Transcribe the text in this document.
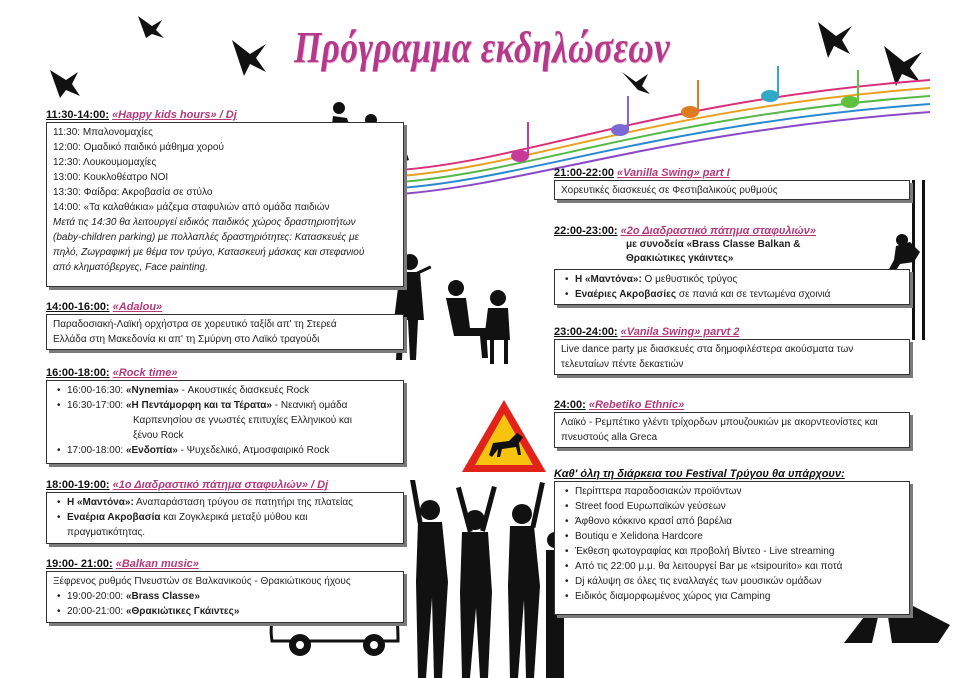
Πρόγραμμα εκδηλώσεων
11:30-14:00: «Happy kids hours» / Dj
11:30: Μπαλονομαχίες
12:00: Ομαδικό παιδικό μάθημα χορού
12:30: Λουκουμομαχίες
13:00: Κουκλοθέατρο ΝΟΙ
13:30: Φαίδρα: Ακροβασία σε στύλο
14:00: «Τα καλαθάκια» μάζεμα σταφυλιών από ομάδα παιδιών
Μετά τις 14:30 θα λειτουργεί ειδικός παιδικός χώρος δραστηριοτήτων
(baby-children parking) με πολλαπλές δραστηριότητες: Κατασκευές με
πηλό, Ζωγραφική με θέμα τον τρύγο, Κατασκευή μάσκας και στεφανιού
από κληματόβεργες, Face painting.
14:00-16:00: «Adalou»
Παραδοσιακή-Λαϊκή ορχήστρα σε χορευτικό ταξίδι απ' τη Στερεά
Ελλάδα στη Μακεδονία κι απ' τη Σμύρνη στο Λαϊκό τραγούδι
16:00-18:00: «Rock time»
• 16:00-16:30: «Nynemia» - Ακουστικές διασκευές Rock
• 16:30-17:00: «Η Πεντάμορφη και τα Τέρατα» - Νεανική ομάδα
Καρπενησίου σε γνωστές επιτυχίες Ελληνικού και
ξένου Rock
• 17:00-18:00: «Ενδοπία» - Ψυχεδελικό, Ατμοσφαιρικό Rock
18:00-19:00: «1ο Διαδραστικό πάτημα σταφυλιών» / Dj
• Η «Μαντόνα»: Αναπαράσταση τρύγου σε πατητήρι της πλατείας
• Εναέρια Ακροβασία και Ζογκλερικά μεταξύ μύθου και
πραγματικότητας.
19:00- 21:00: «Balkan music»
Ξέφρενος ρυθμός Πνευστών σε Βαλκανικούς - Θρακιώτικους ήχους
• 19:00-20:00: «Brass Classe»
• 20:00-21:00: «Θρακιώτικες Γκάιντες»
21:00-22:00 «Vanilla Swing» part I
Χορευτικές διασκευές σε Φεστιβαλικούς ρυθμούς
22:00-23:00: «2ο Διαδραστικό πάτημα σταφυλιών»
με συνοδεία «Brass Classe Balkan &
Θρακιώτικες γκάιντες»
• Η «Μαντόνα»: Ο μεθυστικός τρύγος
• Εναέριες Ακροβασίες σε πανιά και σε τεντωμένα σχοινιά
23:00-24:00: «Vanila Swing» parvt 2
Live dance party με διασκευές στα δημοφιλέστερα ακούσματα των
τελευταίων πέντε δεκαετιών
24:00: «Rebetiko Ethnic»
Λαϊκό - Ρεμπέτικο γλέντι τρίχορδων μπουζουκιών με ακορντεονίστες και
πνευστούς alla Greca
Καθ' όλη τη διάρκεια του Festival Τρύγου θα υπάρχουν:
• Περίπτερα παραδοσιακών προϊόντων
• Street food Ευρωπαϊκών γεύσεων
• Άφθονο κόκκινο κρασί από βαρέλια
• Boutiqu e Xelidona Hardcore
• Έκθεση φωτογραφίας και προβολή Βίντεο - Live streaming
• Από τις 22:00 μ.μ. θα λειτουργεί Bar με «tsipourito» και ποτά
• Dj κάλυψη σε όλες τις εναλλαγές των μουσικών ομάδων
• Ειδικός διαμορφωμένος χώρος για Camping
